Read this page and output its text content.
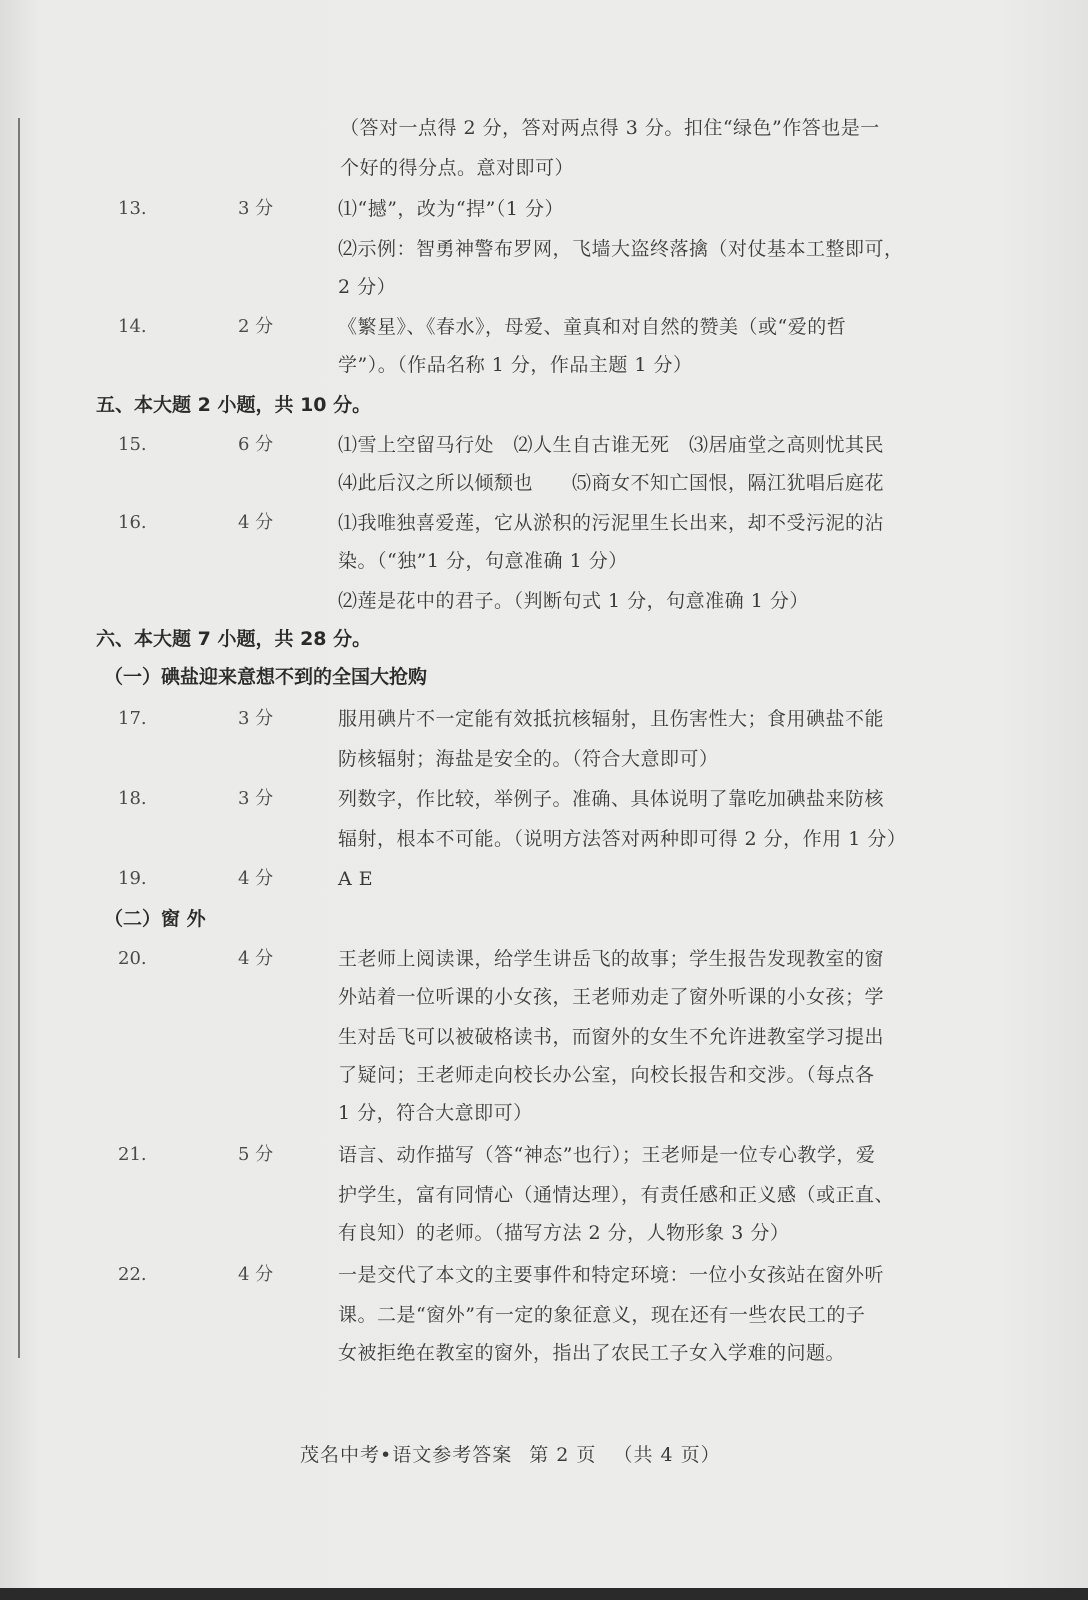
（答对一点得 2 分，答对两点得 3 分。扣住“绿色”作答也是一
个好的得分点。意对即可）
13.	3 分	⑴“撼”，改为“捍”（1 分）
⑵示例：智勇神警布罗网，飞墙大盗终落擒（对仗基本工整即可，
2 分）
14.	2 分	《繁星》、《春水》，母爱、童真和对自然的赞美（或“爱的哲
学”）。（作品名称 1 分，作品主题 1 分）
五、本大题 2 小题，共 10 分。
15.	6 分	⑴雪上空留马行处　⑵人生自古谁无死　⑶居庙堂之高则忧其民
⑷此后汉之所以倾颓也　　⑸商女不知亡国恨，隔江犹唱后庭花
16.	4 分	⑴我唯独喜爱莲，它从淤积的污泥里生长出来，却不受污泥的沾
染。（“独”1 分，句意准确 1 分）
⑵莲是花中的君子。（判断句式 1 分，句意准确 1 分）
六、本大题 7 小题，共 28 分。
（一）碘盐迎来意想不到的全国大抢购
17.	3 分	服用碘片不一定能有效抵抗核辐射，且伤害性大；食用碘盐不能
防核辐射；海盐是安全的。（符合大意即可）
18.	3 分	列数字，作比较，举例子。准确、具体说明了靠吃加碘盐来防核
辐射，根本不可能。（说明方法答对两种即可得 2 分，作用 1 分）
19.	4 分	A E
（二）窗 外
20.	4 分	王老师上阅读课，给学生讲岳飞的故事；学生报告发现教室的窗
外站着一位听课的小女孩，王老师劝走了窗外听课的小女孩；学
生对岳飞可以被破格读书，而窗外的女生不允许进教室学习提出
了疑问；王老师走向校长办公室，向校长报告和交涉。（每点各
1 分，符合大意即可）
21.	5 分	语言、动作描写（答“神态”也行）；王老师是一位专心教学，爱
护学生，富有同情心（通情达理），有责任感和正义感（或正直、
有良知）的老师。（描写方法 2 分，人物形象 3 分）
22.	4 分	一是交代了本文的主要事件和特定环境：一位小女孩站在窗外听
课。二是“窗外”有一定的象征意义，现在还有一些农民工的子
女被拒绝在教室的窗外，指出了农民工子女入学难的问题。
茂名中考•语文参考答案 第 2 页 （共 4 页）
